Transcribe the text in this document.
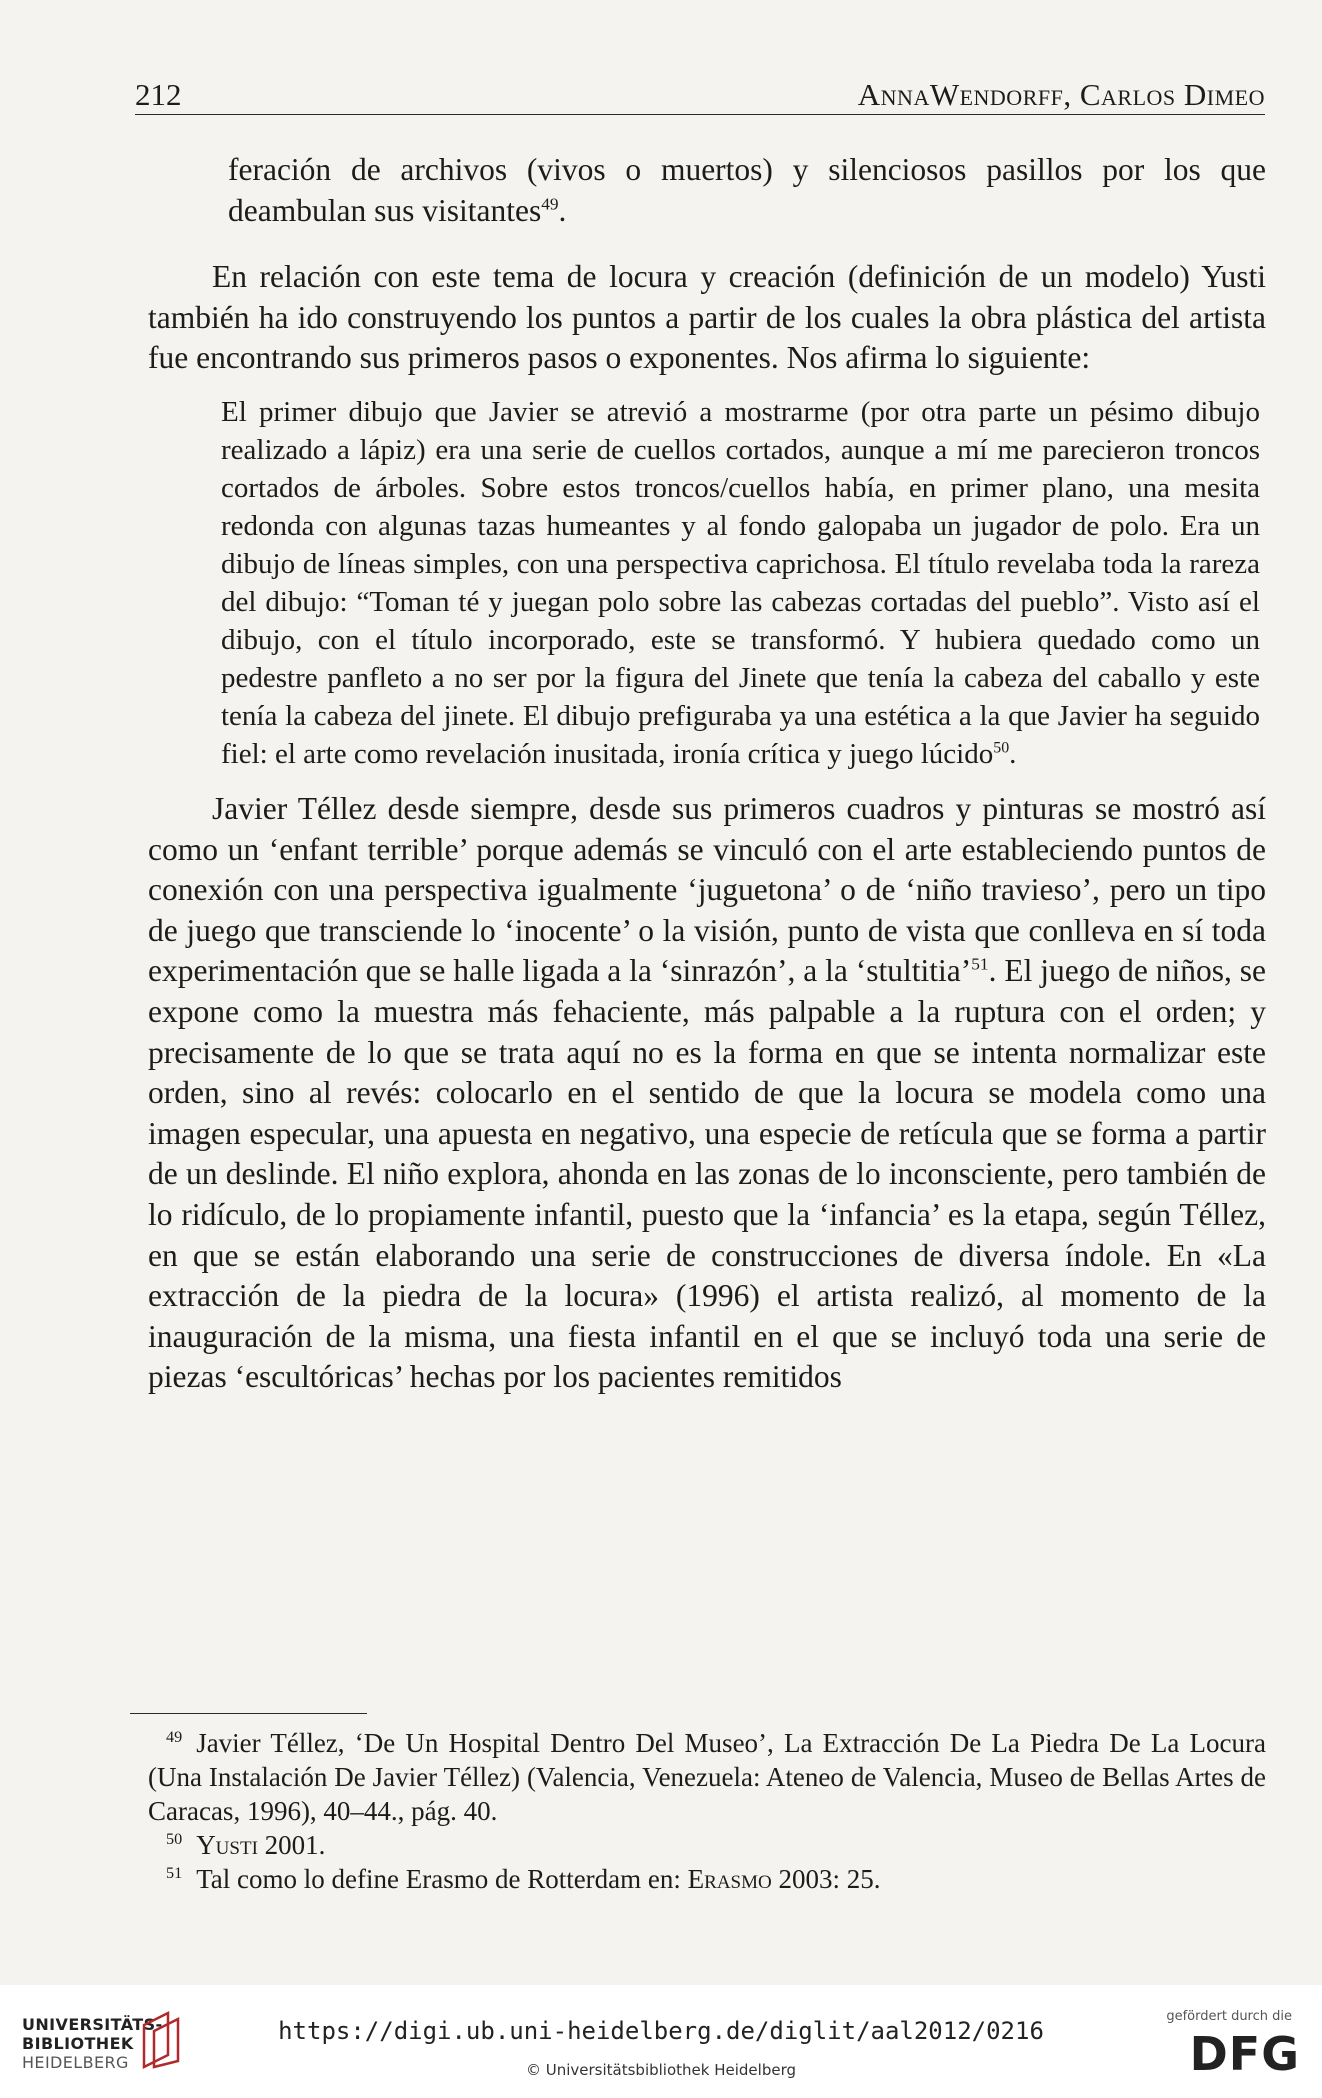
212	AnnaWendorff, Carlos Dimeo

feración de archivos (vivos o muertos) y silenciosos pasillos por los que deambulan sus visitantes$^{49}$.

En relación con este tema de locura y creación (definición de un modelo) Yusti también ha ido construyendo los puntos a partir de los cuales la obra plástica del artista fue encontrando sus primeros pasos o exponentes. Nos afirma lo siguiente:

El primer dibujo que Javier se atrevió a mostrarme (por otra parte un pésimo dibujo realizado a lápiz) era una serie de cuellos cortados, aunque a mí me parecieron troncos cortados de árboles. Sobre estos troncos/cuellos había, en primer plano, una mesita redonda con algunas tazas humeantes y al fondo galopaba un jugador de polo. Era un dibujo de líneas simples, con una perspectiva caprichosa. El título revelaba toda la rareza del dibujo: “Toman té y juegan polo sobre las cabezas cortadas del pueblo”. Visto así el dibujo, con el título incorporado, este se transformó. Y hubiera quedado como un pedestre panfleto a no ser por la figura del Jinete que tenía la cabeza del caballo y este tenía la cabeza del jinete. El dibujo prefiguraba ya una estética a la que Javier ha seguido fiel: el arte como revelación inusitada, ironía crítica y juego lúcido$^{50}$.

Javier Téllez desde siempre, desde sus primeros cuadros y pinturas se mostró así como un ‘enfant terrible’ porque además se vinculó con el arte estableciendo puntos de conexión con una perspectiva igualmente ‘juguetona’ o de ‘niño travieso’, pero un tipo de juego que transciende lo ‘inocente’ o la visión, punto de vista que conlleva en sí toda experimentación que se halle ligada a la ‘sinrazón’, a la ‘stultitia’$^{51}$. El juego de niños, se expone como la muestra más fehaciente, más palpable a la ruptura con el orden; y precisamente de lo que se trata aquí no es la forma en que se intenta normalizar este orden, sino al revés: colocarlo en el sentido de que la locura se modela como una imagen especular, una apuesta en negativo, una especie de retícula que se forma a partir de un deslinde. El niño explora, ahonda en las zonas de lo inconsciente, pero también de lo ridículo, de lo propiamente infantil, puesto que la ‘infancia’ es la etapa, según Téllez, en que se están elaborando una serie de construcciones de diversa índole. En «La extracción de la piedra de la locura» (1996) el artista realizó, al momento de la inauguración de la misma, una fiesta infantil en el que se incluyó toda una serie de piezas ‘escultóricas’ hechas por los pacientes remitidos

$^{49}$ Javier Téllez, ‘De Un Hospital Dentro Del Museo’, La Extracción De La Piedra De La Locura (Una Instalación De Javier Téllez) (Valencia, Venezuela: Ateneo de Valencia, Museo de Bellas Artes de Caracas, 1996), 40–44., pág. 40.

$^{50}$ Yusti 2001.

$^{51}$ Tal como lo define Erasmo de Rotterdam en: Erasmo 2003: 25.

UNIVERSITÄTS-
BIBLIOTHEK
HEIDELBERG
https://digi.ub.uni-heidelberg.de/diglit/aal2012/0216
© Universitätsbibliothek Heidelberg
gefördert durch die
DFG
